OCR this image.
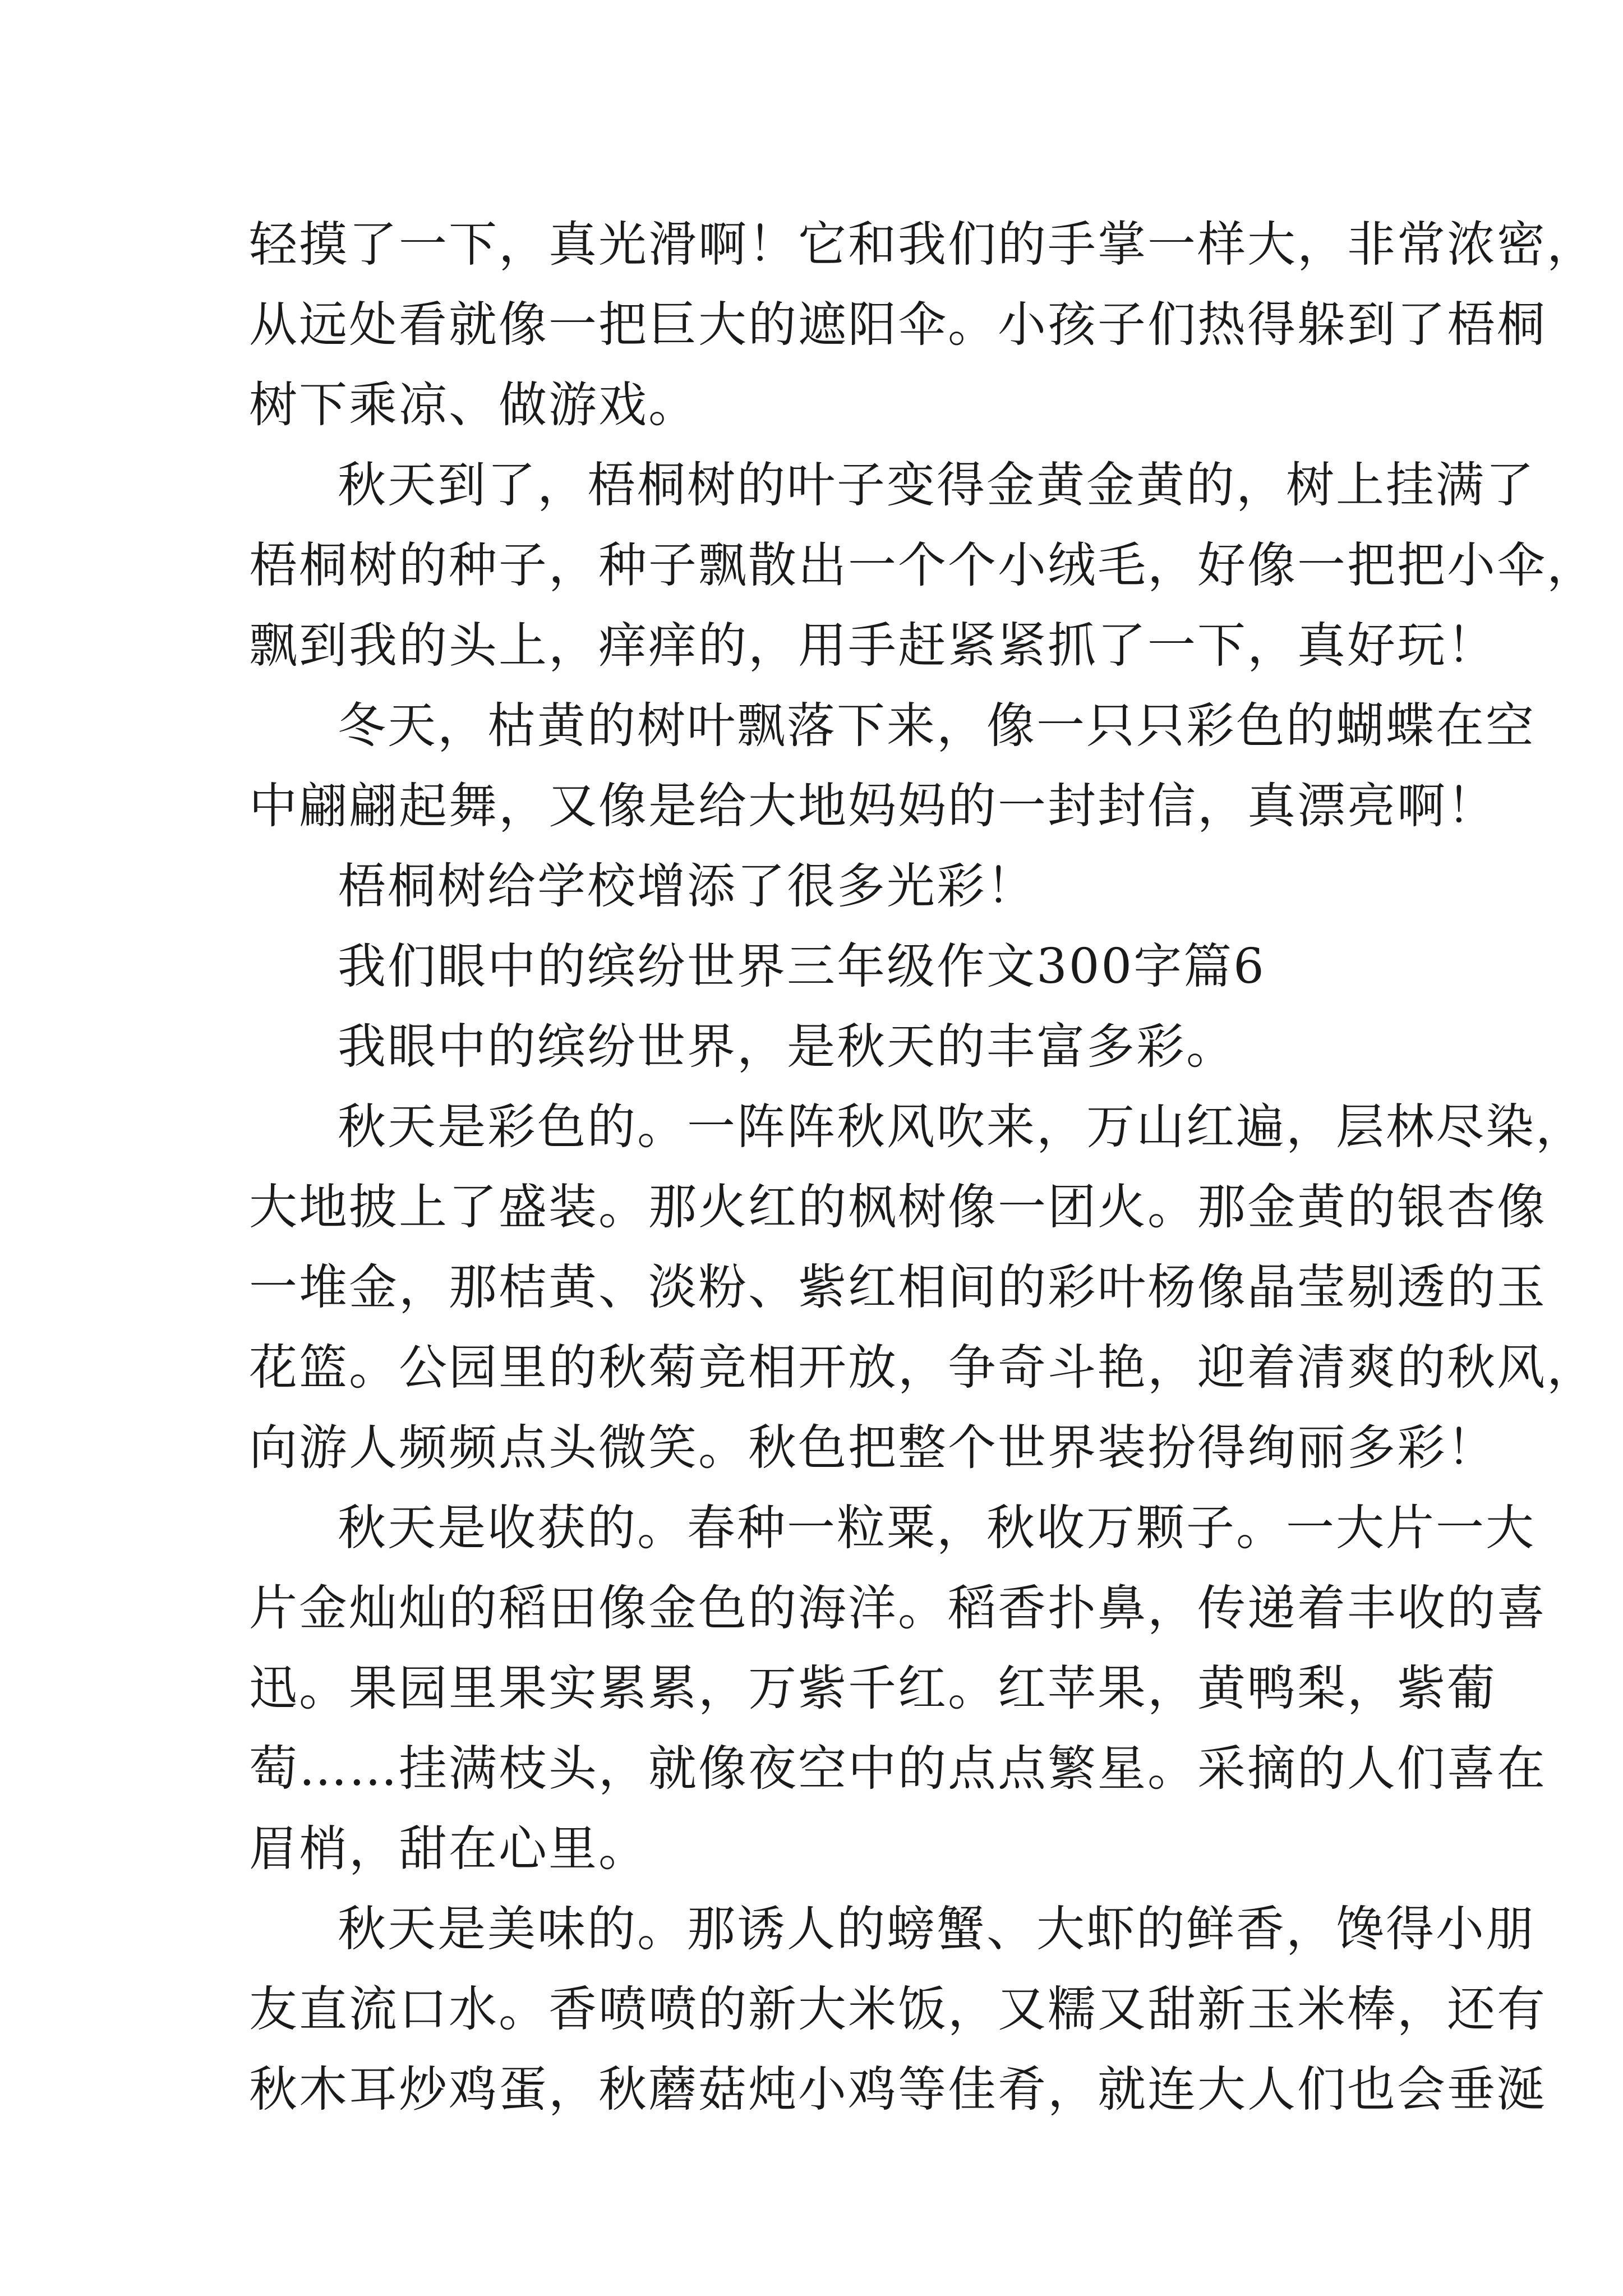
轻摸了一下，真光滑啊！它和我们的手掌一样大，非常浓密，
从远处看就像一把巨大的遮阳伞。小孩子们热得躲到了梧桐
树下乘凉、做游戏。
秋天到了，梧桐树的叶子变得金黄金黄的，树上挂满了
梧桐树的种子，种子飘散出一个个小绒毛，好像一把把小伞，
飘到我的头上，痒痒的，用手赶紧紧抓了一下，真好玩！
冬天，枯黄的树叶飘落下来，像一只只彩色的蝴蝶在空
中翩翩起舞，又像是给大地妈妈的一封封信，真漂亮啊！
梧桐树给学校增添了很多光彩！
我们眼中的缤纷世界三年级作文300字篇6
我眼中的缤纷世界，是秋天的丰富多彩。
秋天是彩色的。一阵阵秋风吹来，万山红遍，层林尽染，
大地披上了盛装。那火红的枫树像一团火。那金黄的银杏像
一堆金，那桔黄、淡粉、紫红相间的彩叶杨像晶莹剔透的玉
花篮。公园里的秋菊竞相开放，争奇斗艳，迎着清爽的秋风，
向游人频频点头微笑。秋色把整个世界装扮得绚丽多彩！
秋天是收获的。春种一粒粟，秋收万颗子。一大片一大
片金灿灿的稻田像金色的海洋。稻香扑鼻，传递着丰收的喜
迅。果园里果实累累，万紫千红。红苹果，黄鸭梨，紫葡
萄……挂满枝头，就像夜空中的点点繁星。采摘的人们喜在
眉梢，甜在心里。
秋天是美味的。那诱人的螃蟹、大虾的鲜香，馋得小朋
友直流口水。香喷喷的新大米饭，又糯又甜新玉米棒，还有
秋木耳炒鸡蛋，秋蘑菇炖小鸡等佳肴，就连大人们也会垂涎
